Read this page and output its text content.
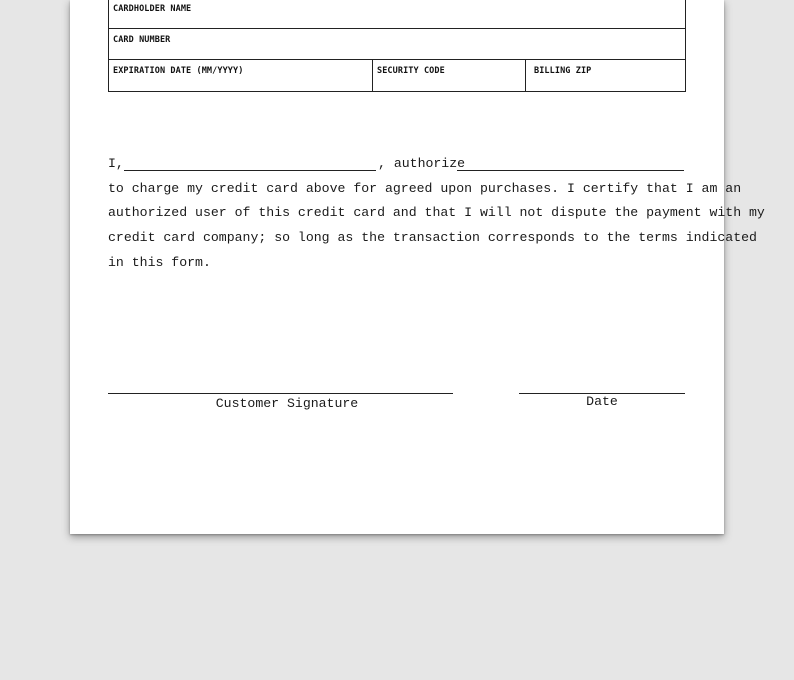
CARDHOLDER NAME
CARD NUMBER
EXPIRATION DATE (MM/YYYY)	SECURITY CODE	BILLING ZIP
I,	, authorize
to charge my credit card above for agreed upon purchases. I certify that I am an
authorized user of this credit card and that I will not dispute the payment with my
credit card company; so long as the transaction corresponds to the terms indicated
in this form.
Customer Signature	Date
